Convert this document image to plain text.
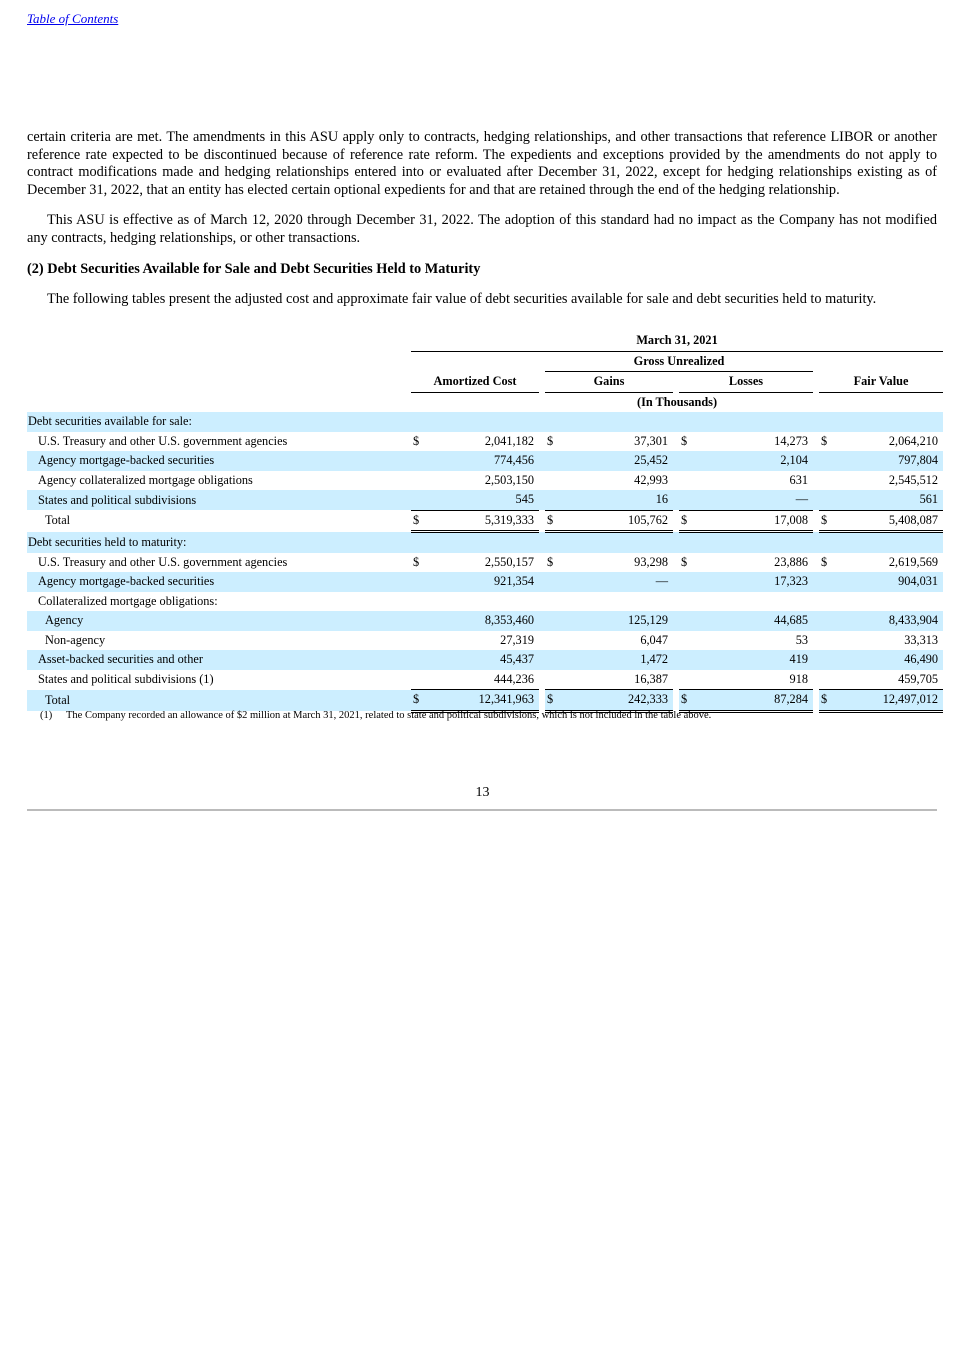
Table of Contents

certain criteria are met. The amendments in this ASU apply only to contracts, hedging relationships, and other transactions that reference LIBOR or another reference rate expected to be discontinued because of reference rate reform. The expedients and exceptions provided by the amendments do not apply to contract modifications made and hedging relationships entered into or evaluated after December 31, 2022, except for hedging relationships existing as of December 31, 2022, that an entity has elected certain optional expedients for and that are retained through the end of the hedging relationship.

This ASU is effective as of March 12, 2020 through December 31, 2022. The adoption of this standard had no impact as the Company has not modified any contracts, hedging relationships, or other transactions.

(2) Debt Securities Available for Sale and Debt Securities Held to Maturity

The following tables present the adjusted cost and approximate fair value of debt securities available for sale and debt securities held to maturity.

	March 31, 2021						
			Gross Unrealized				
	Amortized Cost		Gains		Losses		Fair Value
	(In Thousands)						
Debt securities available for sale:							
U.S. Treasury and other U.S. government agencies	$ 2,041,182		$ 37,301		$ 14,273		$ 2,064,210
Agency mortgage-backed securities	774,456		25,452		2,104		797,804
Agency collateralized mortgage obligations	2,503,150		42,993		631		2,545,512
States and political subdivisions	545		16		—		561
Total	$ 5,319,333		$ 105,762		$ 17,008		$ 5,408,087
Debt securities held to maturity:							
U.S. Treasury and other U.S. government agencies	$ 2,550,157		$ 93,298		$ 23,886		$ 2,619,569
Agency mortgage-backed securities	921,354		—		17,323		904,031
Collateralized mortgage obligations:							
Agency	8,353,460		125,129		44,685		8,433,904
Non-agency	27,319		6,047		53		33,313
Asset-backed securities and other	45,437		1,472		419		46,490
States and political subdivisions (1)	444,236		16,387		918		459,705
Total	$ 12,341,963		$ 242,333		$ 87,284		$ 12,497,012
(1) The Company recorded an allowance of $2 million at March 31, 2021, related to state and political subdivisions, which is not included in the table above.
13
